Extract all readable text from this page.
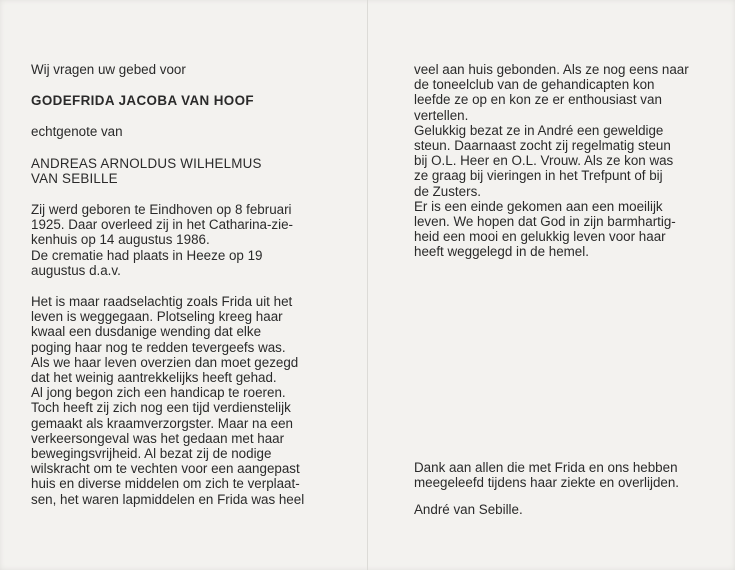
Wij vragen uw gebed voor

GODEFRIDA JACOBA VAN HOOF

echtgenote van

ANDREAS ARNOLDUS WILHELMUS
VAN SEBILLE

Zij werd geboren te Eindhoven op 8 februari
1925. Daar overleed zij in het Catharina-zie-
kenhuis op 14 augustus 1986.
De crematie had plaats in Heeze op 19
augustus d.a.v.

Het is maar raadselachtig zoals Frida uit het
leven is weggegaan. Plotseling kreeg haar
kwaal een dusdanige wending dat elke
poging haar nog te redden tevergeefs was.
Als we haar leven overzien dan moet gezegd
dat het weinig aantrekkelijks heeft gehad.
Al jong begon zich een handicap te roeren.
Toch heeft zij zich nog een tijd verdienstelijk
gemaakt als kraamverzorgster. Maar na een
verkeersongeval was het gedaan met haar
bewegingsvrijheid. Al bezat zij de nodige
wilskracht om te vechten voor een aangepast
huis en diverse middelen om zich te verplaat-
sen, het waren lapmiddelen en Frida was heel

veel aan huis gebonden. Als ze nog eens naar
de toneelclub van de gehandicapten kon
leefde ze op en kon ze er enthousiast van
vertellen.
Gelukkig bezat ze in André een geweldige
steun. Daarnaast zocht zij regelmatig steun
bij O.L. Heer en O.L. Vrouw. Als ze kon was
ze graag bij vieringen in het Trefpunt of bij
de Zusters.
Er is een einde gekomen aan een moeilijk
leven. We hopen dat God in zijn barmhartig-
heid een mooi en gelukkig leven voor haar
heeft weggelegd in de hemel.

Dank aan allen die met Frida en ons hebben
meegeleefd tijdens haar ziekte en overlijden.

André van Sebille.
